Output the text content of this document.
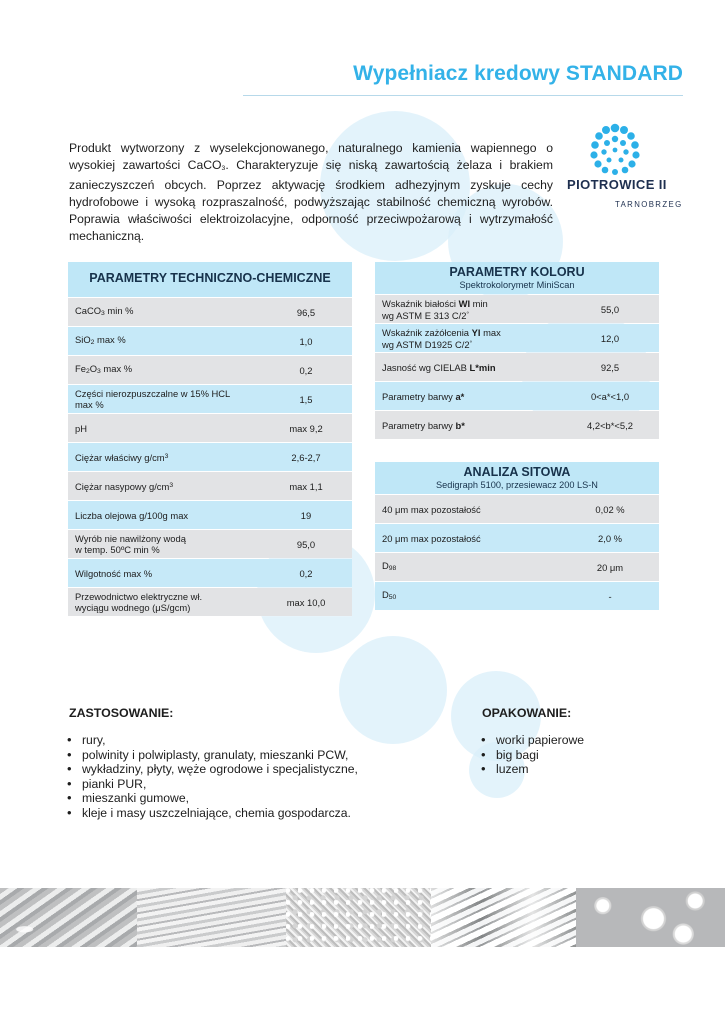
Wypełniacz kredowy STANDARD

Produkt wytworzony z wyselekcjonowanego, naturalnego kamienia wapiennego o wysokiej zawartości CaCO3. Charakteryzuje się niską zawartością żelaza i brakiem zanieczyszczeń obcych. Poprzez aktywację środkiem adhezyjnym zyskuje cechy hydrofobowe i wysoką rozpraszalność, podwyższając stabilność chemiczną wyrobów. Poprawia właściwości elektroizolacyjne, odporność przeciwpożarową i wytrzymałość mechaniczną.

PIOTROWICE II
TARNOBRZEG
PARAMETRY TECHNICZNO-CHEMICZNE
CaCO3 min %	96,5
SiO2 max %	1,0
Fe2O3 max %	0,2
Części nierozpuszczalne w 15% HCL
max %	1,5
pH	max 9,2
Ciężar właściwy $g/cm^3$	2,6-2,7
Ciężar nasypowy $g/cm^3$	max 1,1
Liczba olejowa g/100g max	19
Wyrób nie nawilżony wodą
w temp. 50ºC min %	95,0
Wilgotność max %	0,2
Przewodnictwo elektryczne wł.
wyciągu wodnego (μS/gcm)	max 10,0
PARAMETRY KOLORU
Spektrokolorymetr MiniScan
Wskaźnik białości WI min
wg ASTM E 313 C/2°	55,0
Wskaźnik zażółcenia YI max
wg ASTM D1925 C/2°	12,0
Jasność wg CIELAB L*min	92,5
Parametry barwy a*	0<a*<1,0
Parametry barwy b*	4,2<b*<5,2
ANALIZA SITOWA
Sedigraph 5100, przesiewacz 200 LS-N
40 μm max pozostałość	0,02 %
20 μm max pozostałość	2,0 %
D98	20 μm
D50	-
ZASTOSOWANIE:
• rury,
• polwinity i polwiplasty, granulaty, mieszanki PCW,
• wykładziny, płyty, węże ogrodowe i specjalistyczne,
• pianki PUR,
• mieszanki gumowe,
• kleje i masy uszczelniające, chemia gospodarcza.
OPAKOWANIE:
• worki papierowe
• big bagi
• luzem
